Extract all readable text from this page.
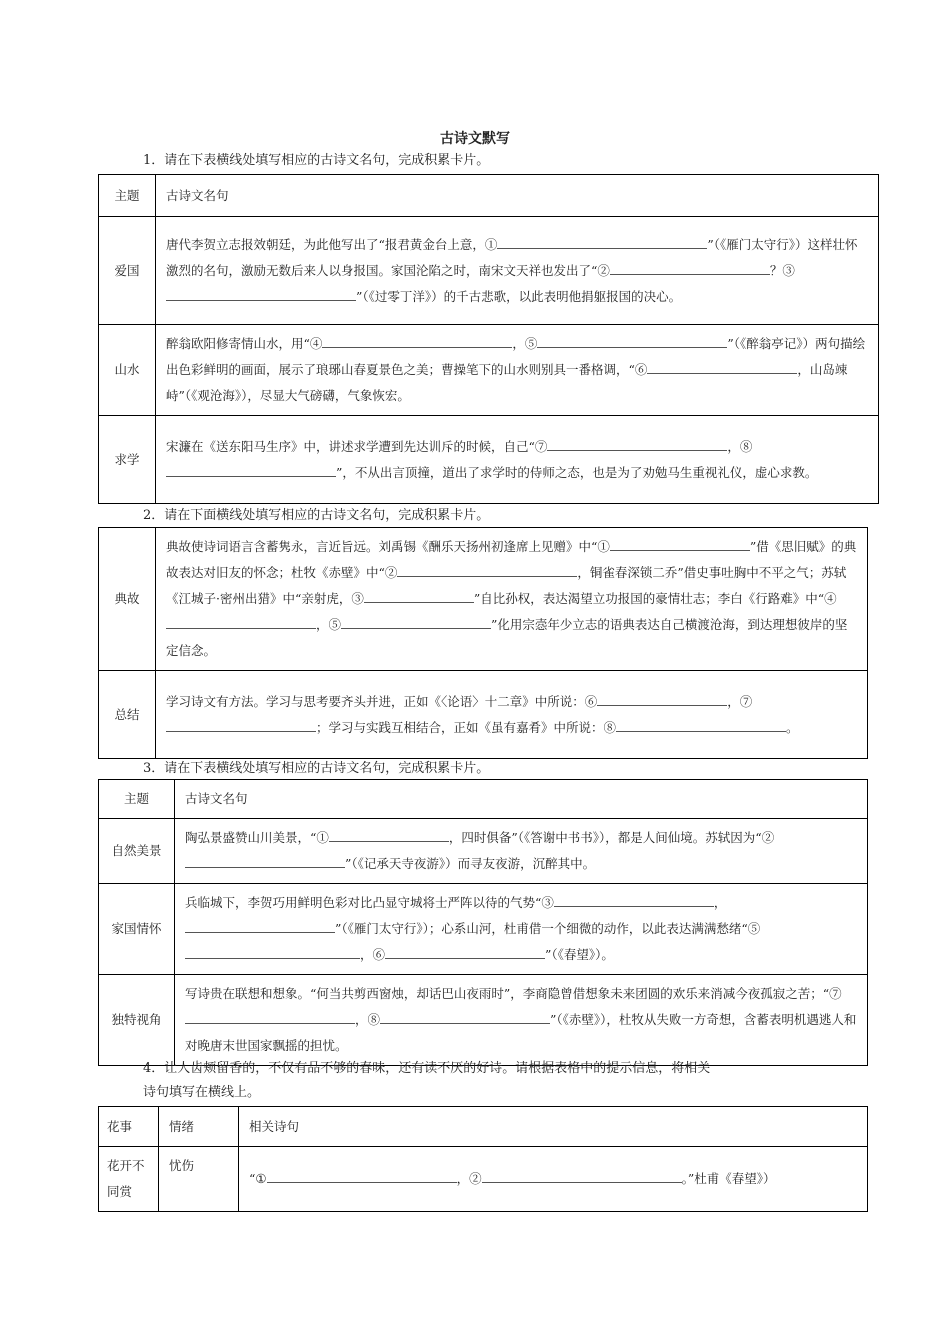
古诗文默写
1．请在下表横线处填写相应的古诗文名句，完成积累卡片。
主题	古诗文名句
爱国	唐代李贺立志报效朝廷，为此他写出了“报君黄金台上意，① ”（《雁门太守行》）这样壮怀激烈的名句，激励无数后来人以身报国。家国沦陷之时，南宋文天祥也发出了“② ？③”（《过零丁洋》）的千古悲歌，以此表明他捐躯报国的决心。
山水	醉翁欧阳修寄情山水，用“④ ，⑤ ”（《醉翁亭记》）两句描绘出色彩鲜明的画面，展示了琅琊山春夏景色之美；曹操笔下的山水则别具一番格调，“⑥ ，山岛竦峙”（《观沧海》），尽显大气磅礴，气象恢宏。
求学	宋濂在《送东阳马生序》中，讲述求学遭到先达训斥的时候，自己“⑦ ，⑧”，不从出言顶撞，道出了求学时的侍师之态，也是为了劝勉马生重视礼仪，虚心求教。
2．请在下面横线处填写相应的古诗文名句，完成积累卡片。
典故	典故使诗词语言含蓄隽永，言近旨远。刘禹锡《酬乐天扬州初逢席上见赠》中“① ”借《思旧赋》的典故表达对旧友的怀念；杜牧《赤壁》中“② ，铜雀春深锁二乔”借史事吐胸中不平之气；苏轼《江城子·密州出猎》中“亲射虎，③ ”自比孙权，表达渴望立功报国的豪情壮志；李白《行路难》中“④，⑤ ”化用宗悫年少立志的语典表达自己横渡沧海，到达理想彼岸的坚定信念。
总结	学习诗文有方法。学习与思考要齐头并进，正如《〈论语〉十二章》中所说：⑥ ，⑦；学习与实践互相结合，正如《虽有嘉肴》中所说：⑧ 。
3．请在下表横线处填写相应的古诗文名句，完成积累卡片。
主题	古诗文名句
自然美景	陶弘景盛赞山川美景，“① ，四时俱备”（《答谢中书书》），都是人间仙境。苏轼因为“②”（《记承天寺夜游》）而寻友夜游，沉醉其中。
家国情怀	兵临城下，李贺巧用鲜明色彩对比凸显守城将士严阵以待的气势“③ ，”（《雁门太守行》）；心系山河，杜甫借一个细微的动作，以此表达满满愁绪“⑤，⑥ ”（《春望》）。
独特视角	写诗贵在联想和想象。“何当共剪西窗烛，却话巴山夜雨时”，李商隐曾借想象未来团圆的欢乐来消减今夜孤寂之苦；“⑦，⑧ ”（《赤壁》），杜牧从失败一方奇想，含蓄表明机遇逃人和对晚唐末世国家飘摇的担忧。
4．让人齿颊留香的，不仅有品不够的春味，还有读不厌的好诗。请根据表格中的提示信息，将相关
诗句填写在横线上。
花事	情绪	相关诗句
花开不同赏	忧伤	“① ，② 。”杜甫《春望》）
